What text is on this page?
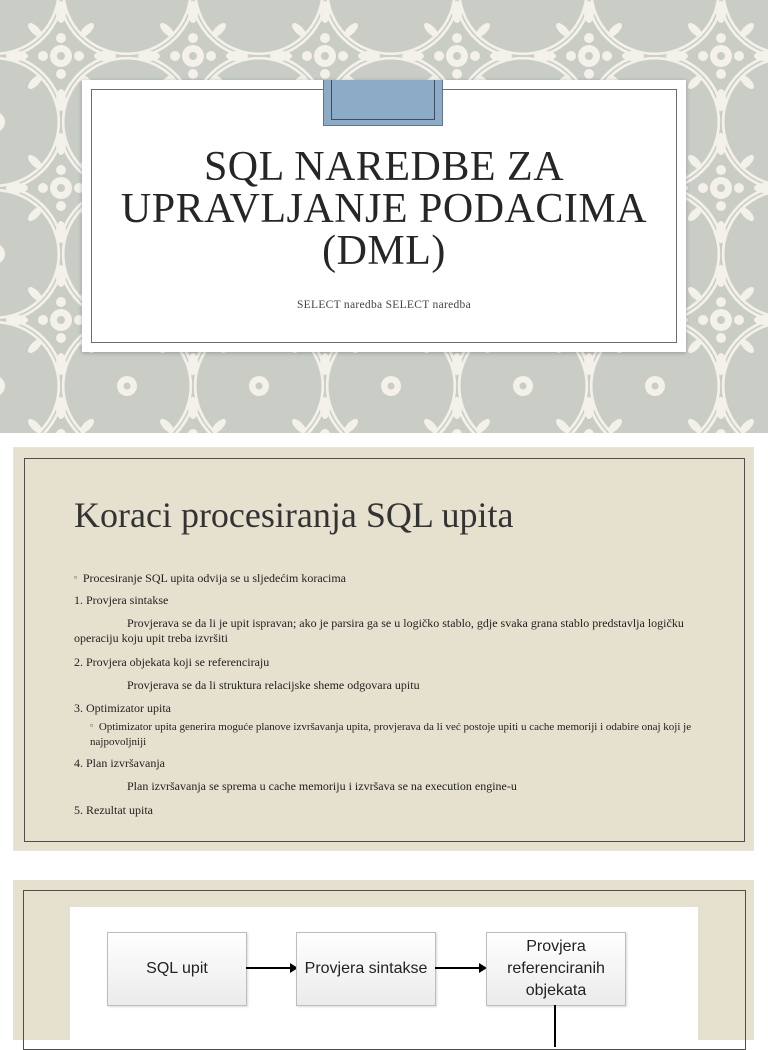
SQL NAREDBE ZA
UPRAVLJANJE PODACIMA
(DML)
SELECT naredba SELECT naredba
Koraci procesiranja SQL upita
▫ Procesiranje SQL upita odvija se u sljedećim koracima
1. Provjera sintakse
Provjerava se da li je upit ispravan; ako je parsira ga se u logičko stablo, gdje svaka grana stablo predstavlja logičku operaciju koju upit treba izvršiti
2. Provjera objekata koji se referenciraju
Provjerava se da li struktura relacijske sheme odgovara upitu
3. Optimizator upita
▫ Optimizator upita generira moguće planove izvršavanja upita, provjerava da li već postoje upiti u cache memoriji i odabire onaj koji je najpovoljniji
4. Plan izvršavanja
Plan izvršavanja se sprema u cache memoriju i izvršava se na execution engine-u
5. Rezultat upita
SQL upit	Provjera sintakse
Provjera referenciranih objekata
